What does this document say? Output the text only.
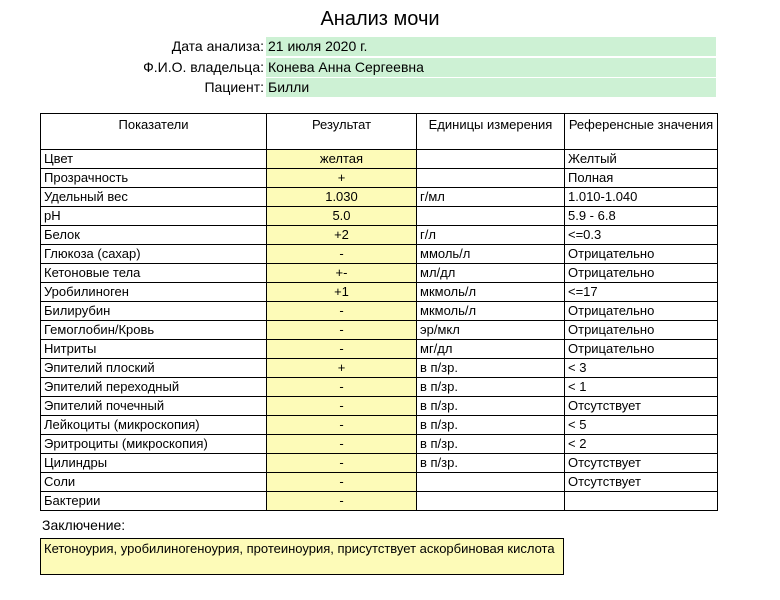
Анализ мочи
Дата анализа: 21 июля 2020 г.
Ф.И.О. владельца: Конева Анна Сергеевна
Пациент: Билли
Показатели	Результат	Единицы измерения	Референсные значения
Цвет	желтая		Желтый
Прозрачность	+		Полная
Удельный вес	1.030	г/мл	1.010-1.040
pH	5.0		5.9 - 6.8
Белок	+2	г/л	<=0.3
Глюкоза (сахар)	-	ммоль/л	Отрицательно
Кетоновые тела	+-	мл/дл	Отрицательно
Уробилиноген	+1	мкмоль/л	<=17
Билирубин	-	мкмоль/л	Отрицательно
Гемоглобин/Кровь	-	эр/мкл	Отрицательно
Нитриты	-	мг/дл	Отрицательно
Эпителий плоский	+	в п/зр.	< 3
Эпителий переходный	-	в п/зр.	< 1
Эпителий почечный	-	в п/зр.	Отсутствует
Лейкоциты (микроскопия)	-	в п/зр.	< 5
Эритроциты (микроскопия)	-	в п/зр.	< 2
Цилиндры	-	в п/зр.	Отсутствует
Соли	-		Отсутствует
Бактерии	-		
Заключение:
Кетоноурия, уробилиногеноурия, протеиноурия, присутствует аскорбиновая кислота
